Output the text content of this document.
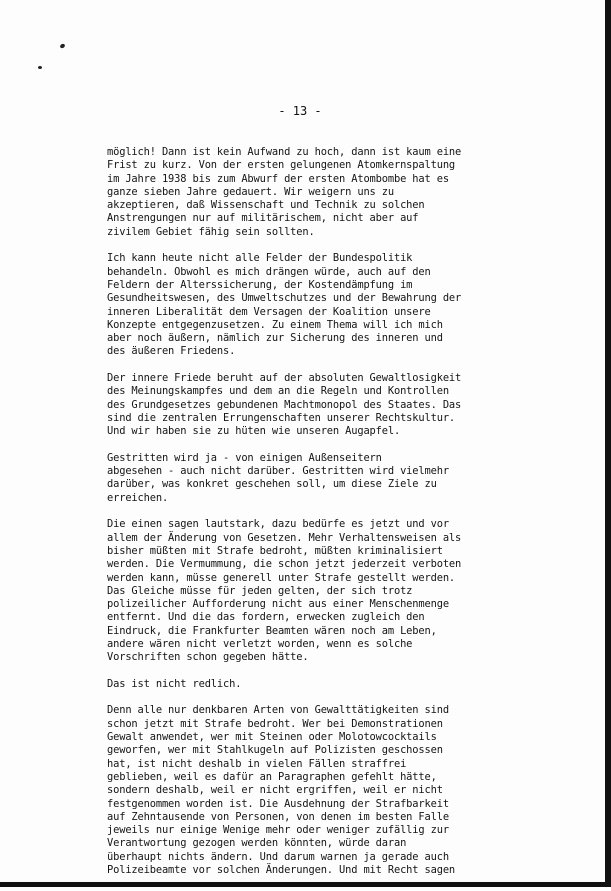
- 13 -
möglich! Dann ist kein Aufwand zu hoch, dann ist kaum eine
Frist zu kurz. Von der ersten gelungenen Atomkernspaltung
im Jahre 1938 bis zum Abwurf der ersten Atombombe hat es
ganze sieben Jahre gedauert. Wir weigern uns zu
akzeptieren, daß Wissenschaft und Technik zu solchen
Anstrengungen nur auf militärischem, nicht aber auf
zivilem Gebiet fähig sein sollten.
Ich kann heute nicht alle Felder der Bundespolitik
behandeln. Obwohl es mich drängen würde, auch auf den
Feldern der Alterssicherung, der Kostendämpfung im
Gesundheitswesen, des Umweltschutzes und der Bewahrung der
inneren Liberalität dem Versagen der Koalition unsere
Konzepte entgegenzusetzen. Zu einem Thema will ich mich
aber noch äußern, nämlich zur Sicherung des inneren und
des äußeren Friedens.
Der innere Friede beruht auf der absoluten Gewaltlosigkeit
des Meinungskampfes und dem an die Regeln und Kontrollen
des Grundgesetzes gebundenen Machtmonopol des Staates. Das
sind die zentralen Errungenschaften unserer Rechtskultur.
Und wir haben sie zu hüten wie unseren Augapfel.
Gestritten wird ja - von einigen Außenseitern
abgesehen - auch nicht darüber. Gestritten wird vielmehr
darüber, was konkret geschehen soll, um diese Ziele zu
erreichen.
Die einen sagen lautstark, dazu bedürfe es jetzt und vor
allem der Änderung von Gesetzen. Mehr Verhaltensweisen als
bisher müßten mit Strafe bedroht, müßten kriminalisiert
werden. Die Vermummung, die schon jetzt jederzeit verboten
werden kann, müsse generell unter Strafe gestellt werden.
Das Gleiche müsse für jeden gelten, der sich trotz
polizeilicher Aufforderung nicht aus einer Menschenmenge
entfernt. Und die das fordern, erwecken zugleich den
Eindruck, die Frankfurter Beamten wären noch am Leben,
andere wären nicht verletzt worden, wenn es solche
Vorschriften schon gegeben hätte.
Das ist nicht redlich.
Denn alle nur denkbaren Arten von Gewalttätigkeiten sind
schon jetzt mit Strafe bedroht. Wer bei Demonstrationen
Gewalt anwendet, wer mit Steinen oder Molotowcocktails
geworfen, wer mit Stahlkugeln auf Polizisten geschossen
hat, ist nicht deshalb in vielen Fällen straffrei
geblieben, weil es dafür an Paragraphen gefehlt hätte,
sondern deshalb, weil er nicht ergriffen, weil er nicht
festgenommen worden ist. Die Ausdehnung der Strafbarkeit
auf Zehntausende von Personen, von denen im besten Falle
jeweils nur einige Wenige mehr oder weniger zufällig zur
Verantwortung gezogen werden könnten, würde daran
überhaupt nichts ändern. Und darum warnen ja gerade auch
Polizeibeamte vor solchen Änderungen. Und mit Recht sagen
